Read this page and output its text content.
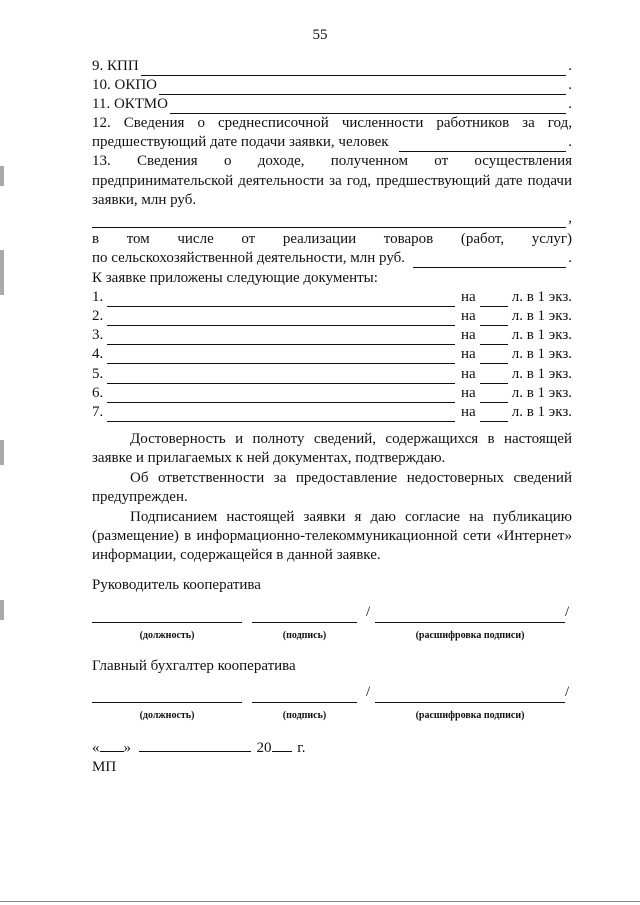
55
9. КПП	.
10. ОКПО	.
11. ОКТМО	.
12. Сведения о среднесписочной численности работников за год,
предшествующий дате подачи заявки, человек	.
13. Сведения о доходе, полученном от осуществления
предпринимательской деятельности за год, предшествующий дате подачи
заявки, млн руб.
,
в том числе от реализации товаров (работ, услуг)
по сельскохозяйственной деятельности, млн руб.	.
К заявке приложены следующие документы:
1.	на л. в 1 экз.
2.	на л. в 1 экз.
3.	на л. в 1 экз.
4.	на л. в 1 экз.
5.	на л. в 1 экз.
6.	на л. в 1 экз.
7.	на л. в 1 экз.
Достоверность и полноту сведений, содержащихся в настоящей
заявке и прилагаемых к ней документах, подтверждаю.
Об ответственности за предоставление недостоверных сведений
предупрежден.
Подписанием настоящей заявки я даю согласие на публикацию
(размещение) в информационно-телекоммуникационной сети «Интернет»
информации, содержащейся в данной заявке.
Руководитель кооператива
/	/
(должность)	(подпись)	(расшифровка подписи)
Главный бухгалтер кооператива
/	/
(должность)	(подпись)	(расшифровка подписи)
« »	20 г.
МП
